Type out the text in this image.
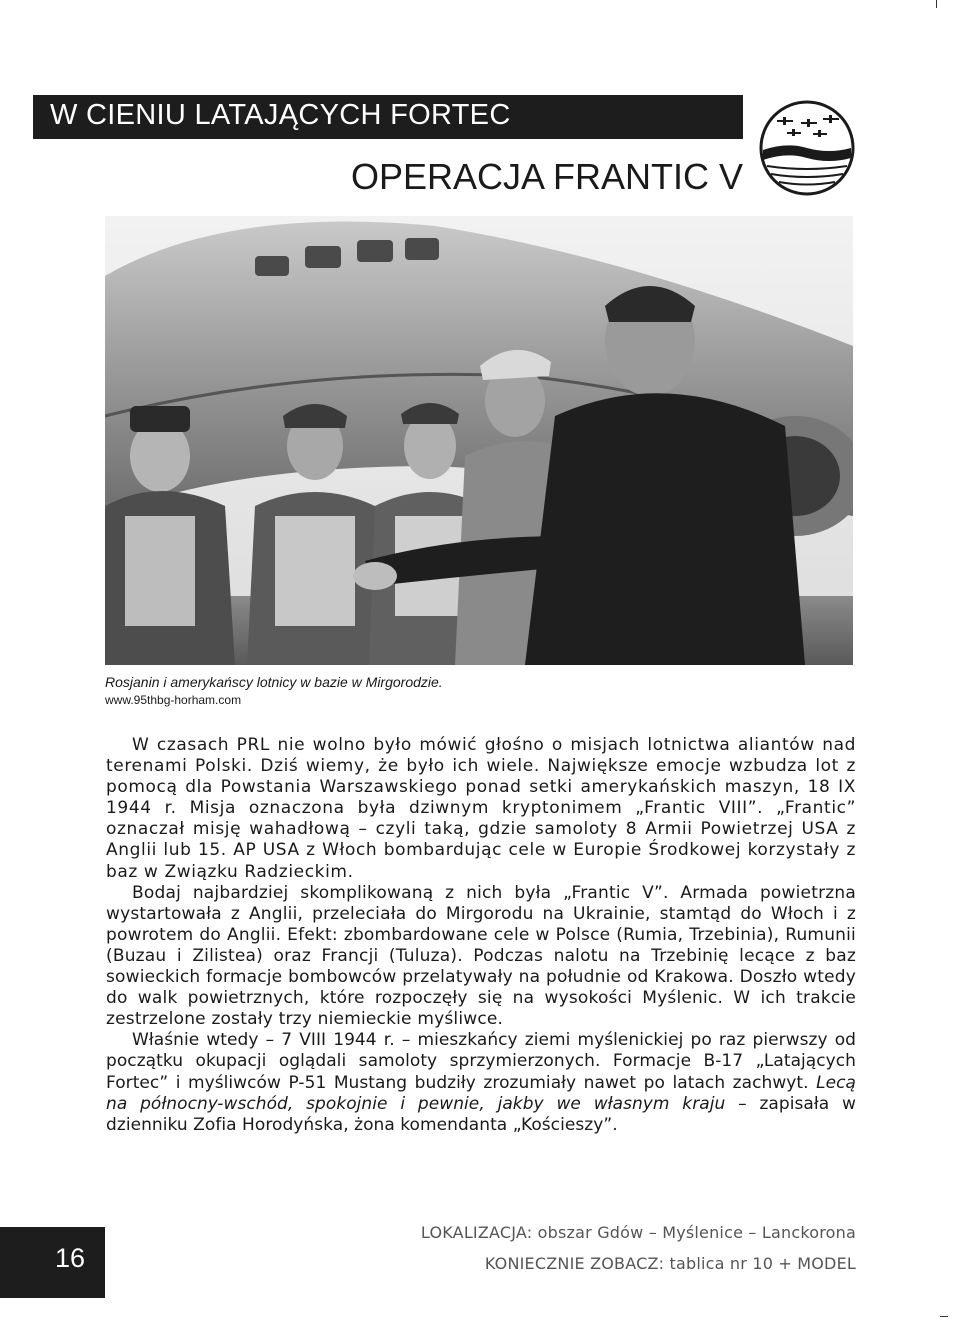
W CIENIU LATAJĄCYCH FORTEC
OPERACJA FRANTIC V
Rosjanin i amerykańscy lotnicy w bazie w Mirgorodzie.
www.95thbg-horham.com

W czasach PRL nie wolno było mówić głośno o misjach lotnictwa aliantów nad terenami Polski. Dziś wiemy, że było ich wiele. Największe emocje wzbudza lot z pomocą dla Powstania Warszawskiego ponad setki amerykańskich maszyn, 18 IX 1944 r. Misja oznaczona była dziwnym kryptonimem „Frantic VIII”. „Frantic” oznaczał misję wahadłową – czyli taką, gdzie samoloty 8 Armii Powietrzej USA z Anglii lub 15. AP USA z Włoch bombardując cele w Europie Środkowej korzystały z baz w Związku Radzieckim.

Bodaj najbardziej skomplikowaną z nich była „Frantic V”. Armada powietrzna wystartowała z Anglii, przeleciała do Mirgorodu na Ukrainie, stamtąd do Włoch i z powrotem do Anglii. Efekt: zbombardowane cele w Polsce (Rumia, Trzebinia), Rumunii (Buzau i Zilistea) oraz Francji (Tuluza). Podczas nalotu na Trzebinię lecące z baz sowieckich formacje bombowców przelatywały na południe od Krakowa. Doszło wtedy do walk powietrznych, które rozpoczęły się na wysokości Myślenic. W ich trakcie zestrzelone zostały trzy niemieckie myśliwce.

Właśnie wtedy – 7 VIII 1944 r. – mieszkańcy ziemi myślenickiej po raz pierwszy od początku okupacji oglądali samoloty sprzymierzonych. Formacje B-17 „Latających Fortec” i myśliwców P-51 Mustang budziły zrozumiały nawet po latach zachwyt. Lecą na północny-wschód, spokojnie i pewnie, jakby we własnym kraju – zapisała w dzienniku Zofia Horodyńska, żona komendanta „Kościeszy”.

16
LOKALIZACJA: obszar Gdów – Myślenice – Lanckorona
KONIECZNIE ZOBACZ: tablica nr 10 + MODEL
